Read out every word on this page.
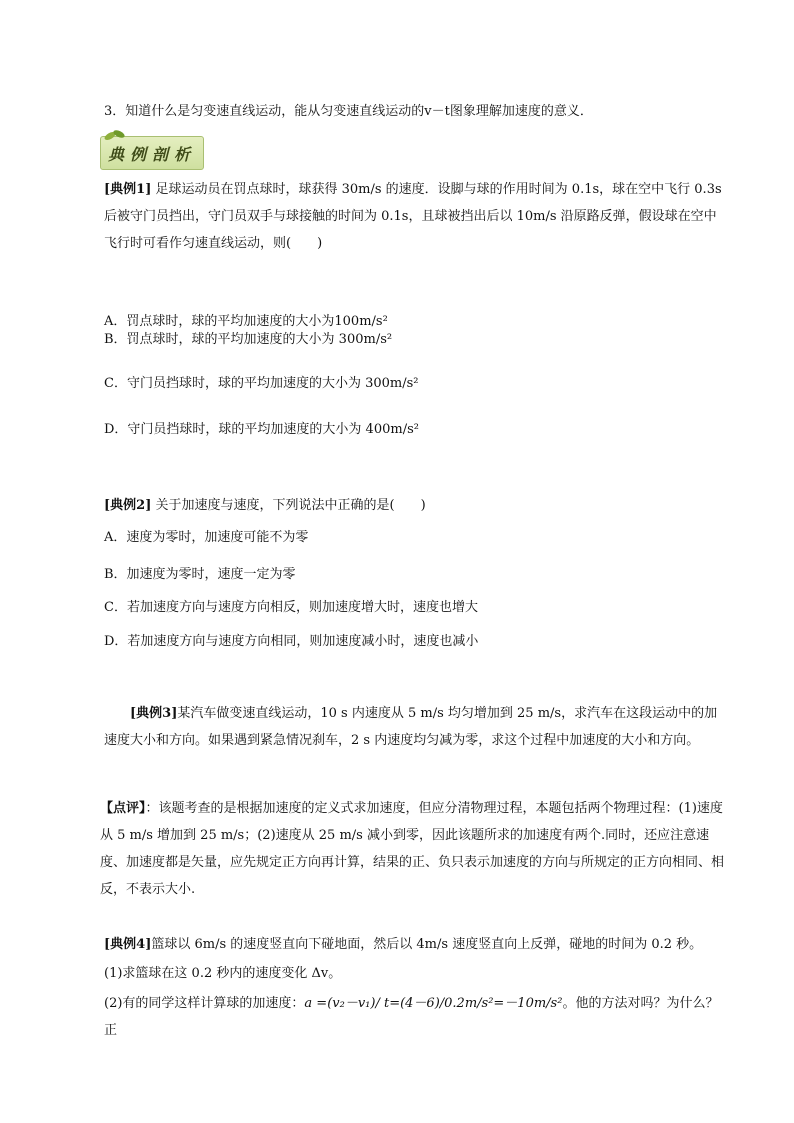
3．知道什么是匀变速直线运动，能从匀变速直线运动的v－t图象理解加速度的意义．

典例剖析

[典例1] 足球运动员在罚点球时，球获得 30m/s 的速度．设脚与球的作用时间为 0.1s，球在空中飞行 0.3s 后被守门员挡出，守门员双手与球接触的时间为 0.1s，且球被挡出后以 10m/s 沿原路反弹，假设球在空中飞行时可看作匀速直线运动，则(　　)

A．罚点球时，球的平均加速度的大小为100m/s²

B．罚点球时，球的平均加速度的大小为 300m/s²

C．守门员挡球时，球的平均加速度的大小为 300m/s²

D．守门员挡球时，球的平均加速度的大小为 400m/s²

[典例2] 关于加速度与速度，下列说法中正确的是(　　)

A．速度为零时，加速度可能不为零

B．加速度为零时，速度一定为零

C．若加速度方向与速度方向相反，则加速度增大时，速度也增大

D．若加速度方向与速度方向相同，则加速度减小时，速度也减小

[典例3]某汽车做变速直线运动，10 s 内速度从 5 m/s 均匀增加到 25 m/s，求汽车在这段运动中的加速度大小和方向。如果遇到紧急情况刹车，2 s 内速度均匀减为零，求这个过程中加速度的大小和方向。

【点评】：该题考查的是根据加速度的定义式求加速度，但应分清物理过程，本题包括两个物理过程：(1)速度从 5 m/s 增加到 25 m/s；(2)速度从 25 m/s 减小到零，因此该题所求的加速度有两个.同时，还应注意速度、加速度都是矢量，应先规定正方向再计算，结果的正、负只表示加速度的方向与所规定的正方向相同、相反，不表示大小.

[典例4]篮球以 6m/s 的速度竖直向下碰地面，然后以 4m/s 速度竖直向上反弹，碰地的时间为 0.2 秒。

(1)求篮球在这 0.2 秒内的速度变化 Δv。

(2)有的同学这样计算球的加速度：a =(v₂－v₁)/ t=(4－6)/0.2m/s²=－10m/s²。他的方法对吗？为什么？正
